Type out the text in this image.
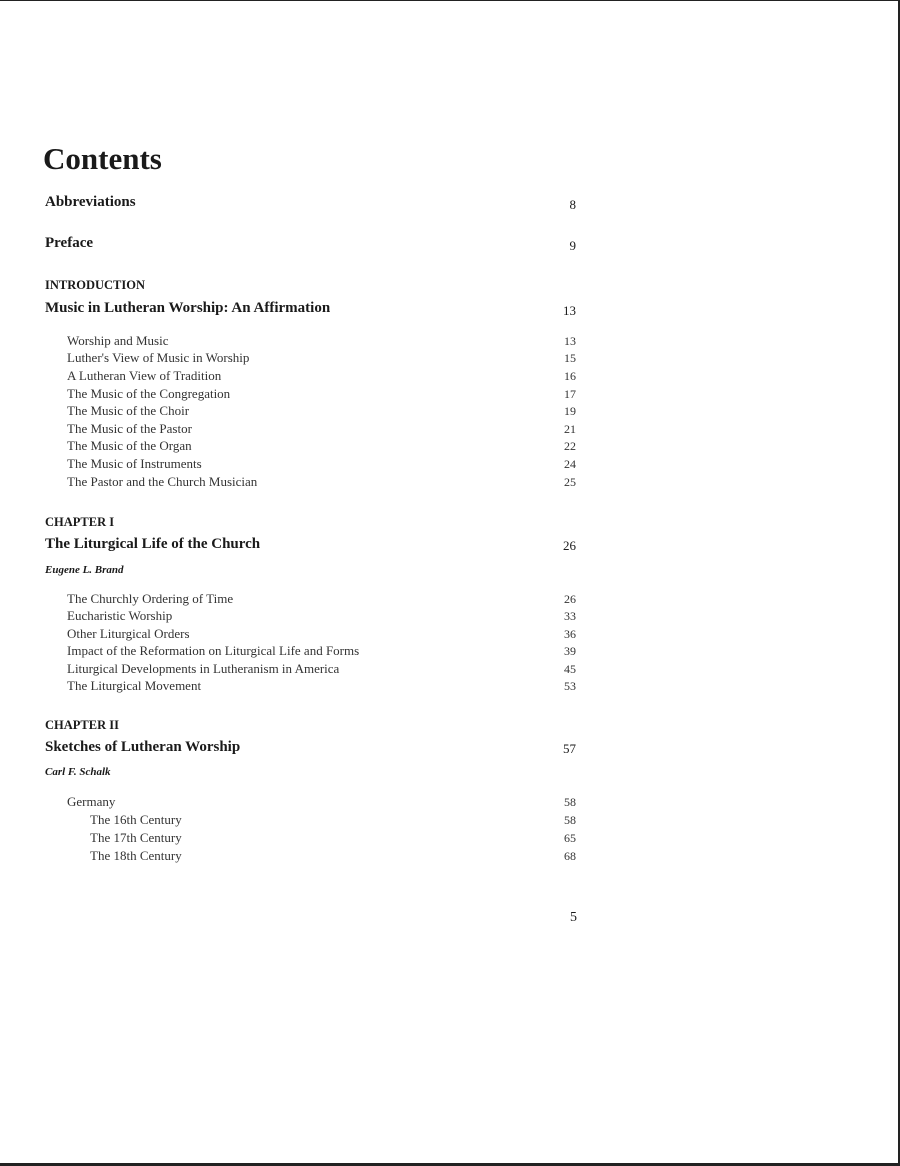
Contents
Abbreviations	8
Preface	9
INTRODUCTION
Music in Lutheran Worship: An Affirmation	13
Worship and Music	13
Luther's View of Music in Worship	15
A Lutheran View of Tradition	16
The Music of the Congregation	17
The Music of the Choir	19
The Music of the Pastor	21
The Music of the Organ	22
The Music of Instruments	24
The Pastor and the Church Musician	25
CHAPTER I
The Liturgical Life of the Church	26
Eugene L. Brand
The Churchly Ordering of Time	26
Eucharistic Worship	33
Other Liturgical Orders	36
Impact of the Reformation on Liturgical Life and Forms	39
Liturgical Developments in Lutheranism in America	45
The Liturgical Movement	53
CHAPTER II
Sketches of Lutheran Worship	57
Carl F. Schalk
Germany	58
The 16th Century	58
The 17th Century	65
The 18th Century	68
5
